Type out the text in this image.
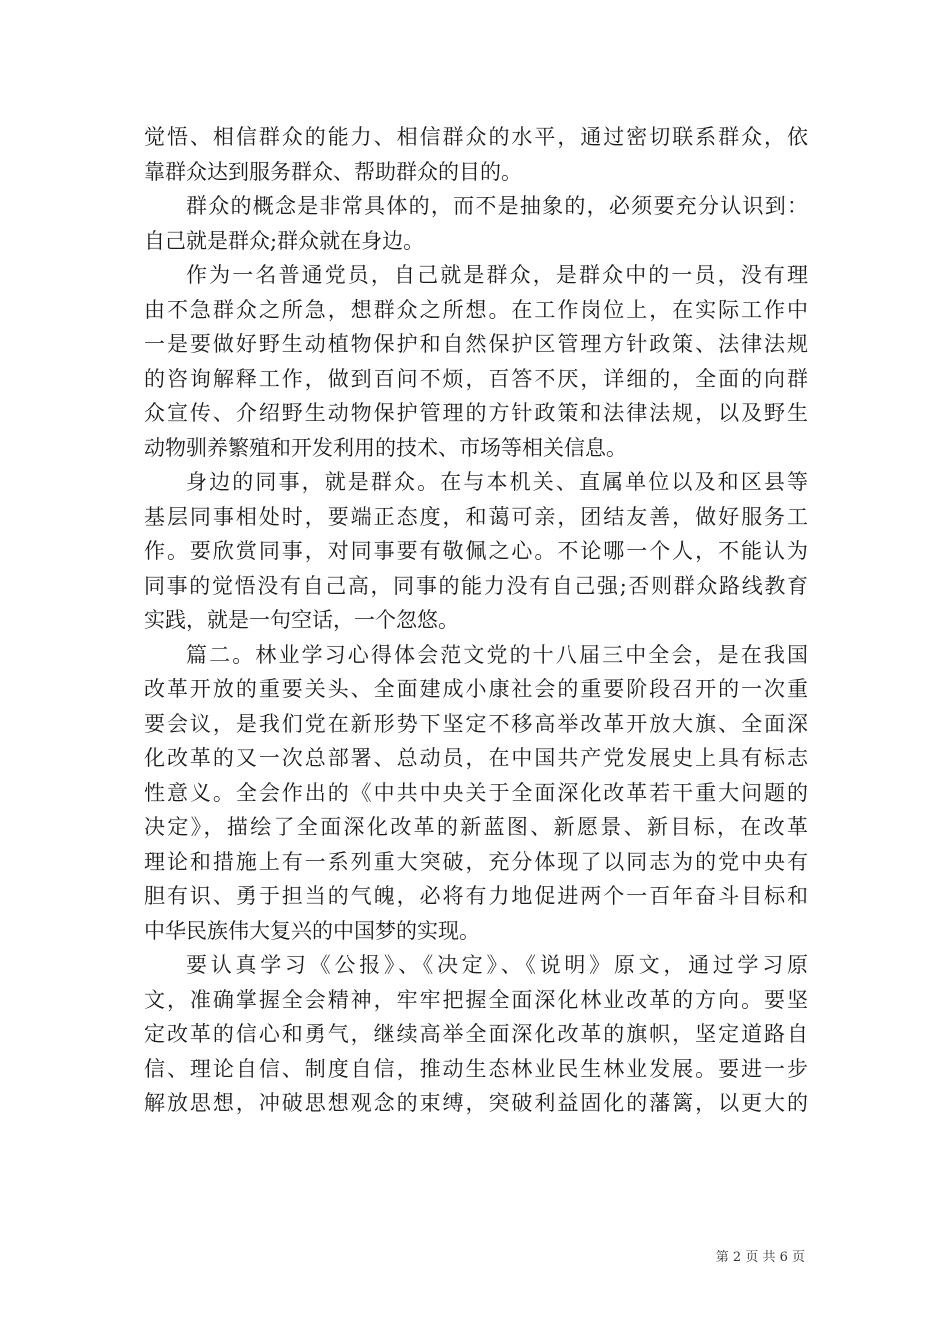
觉悟、相信群众的能力、相信群众的水平，通过密切联系群众，依
靠群众达到服务群众、帮助群众的目的。
群众的概念是非常具体的，而不是抽象的，必须要充分认识到：
自己就是群众;群众就在身边。
作为一名普通党员，自己就是群众，是群众中的一员，没有理
由不急群众之所急，想群众之所想。在工作岗位上，在实际工作中
一是要做好野生动植物保护和自然保护区管理方针政策、法律法规
的咨询解释工作，做到百问不烦，百答不厌，详细的，全面的向群
众宣传、介绍野生动物保护管理的方针政策和法律法规，以及野生
动物驯养繁殖和开发利用的技术、市场等相关信息。
身边的同事，就是群众。在与本机关、直属单位以及和区县等
基层同事相处时，要端正态度，和蔼可亲，团结友善，做好服务工
作。要欣赏同事，对同事要有敬佩之心。不论哪一个人，不能认为
同事的觉悟没有自己高，同事的能力没有自己强;否则群众路线教育
实践，就是一句空话，一个忽悠。
篇二。林业学习心得体会范文党的十八届三中全会，是在我国
改革开放的重要关头、全面建成小康社会的重要阶段召开的一次重
要会议，是我们党在新形势下坚定不移高举改革开放大旗、全面深
化改革的又一次总部署、总动员，在中国共产党发展史上具有标志
性意义。全会作出的《中共中央关于全面深化改革若干重大问题的
决定》，描绘了全面深化改革的新蓝图、新愿景、新目标，在改革
理论和措施上有一系列重大突破，充分体现了以同志为的党中央有
胆有识、勇于担当的气魄，必将有力地促进两个一百年奋斗目标和
中华民族伟大复兴的中国梦的实现。
要认真学习《公报》、《决定》、《说明》原文，通过学习原
文，准确掌握全会精神，牢牢把握全面深化林业改革的方向。要坚
定改革的信心和勇气，继续高举全面深化改革的旗帜，坚定道路自
信、理论自信、制度自信，推动生态林业民生林业发展。要进一步
解放思想，冲破思想观念的束缚，突破利益固化的藩篱，以更大的
第 2 页 共 6 页
